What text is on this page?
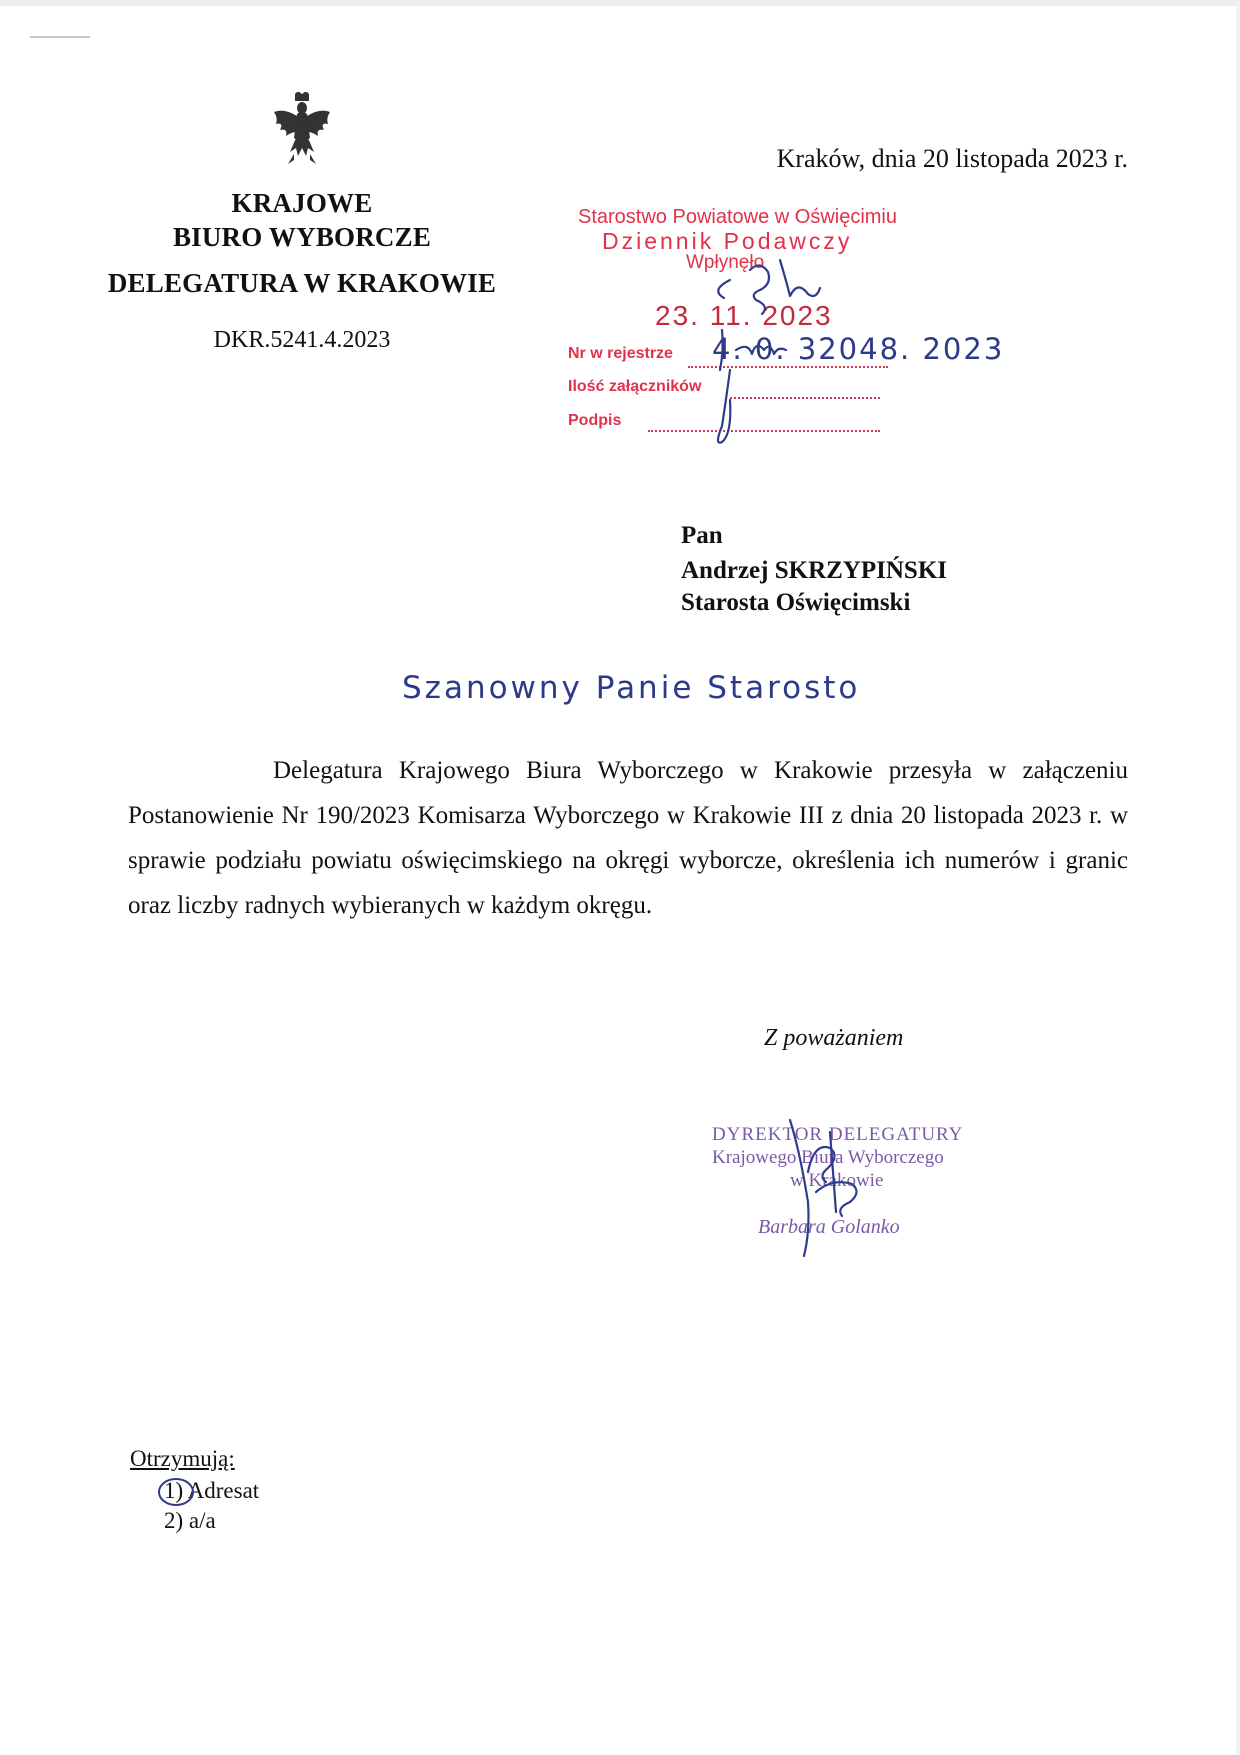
KRAJOWE
BIURO WYBORCZE
DELEGATURA W KRAKOWIE
DKR.5241.4.2023
Kraków, dnia 20 listopada 2023 r.
Starostwo Powiatowe w Oświęcimiu
Dziennik Podawczy
Wpłynęło
23. 11. 2023
Nr w rejestrze 4. 0. 32048. 2023
Ilość załączników
Podpis
Pan
Andrzej SKRZYPIŃSKI
Starosta Oświęcimski
Szanowny Panie Starosto
Delegatura Krajowego Biura Wyborczego w Krakowie przesyła w załączeniu Postanowienie Nr 190/2023 Komisarza Wyborczego w Krakowie III z dnia 20 listopada 2023 r. w sprawie podziału powiatu oświęcimskiego na okręgi wyborcze, określenia ich numerów i granic oraz liczby radnych wybieranych w każdym okręgu.
Z poważaniem
DYREKTOR DELEGATURY
Krajowego Biura Wyborczego
w Krakowie
Barbara Golanko
Otrzymują:
1) Adresat
2) a/a
